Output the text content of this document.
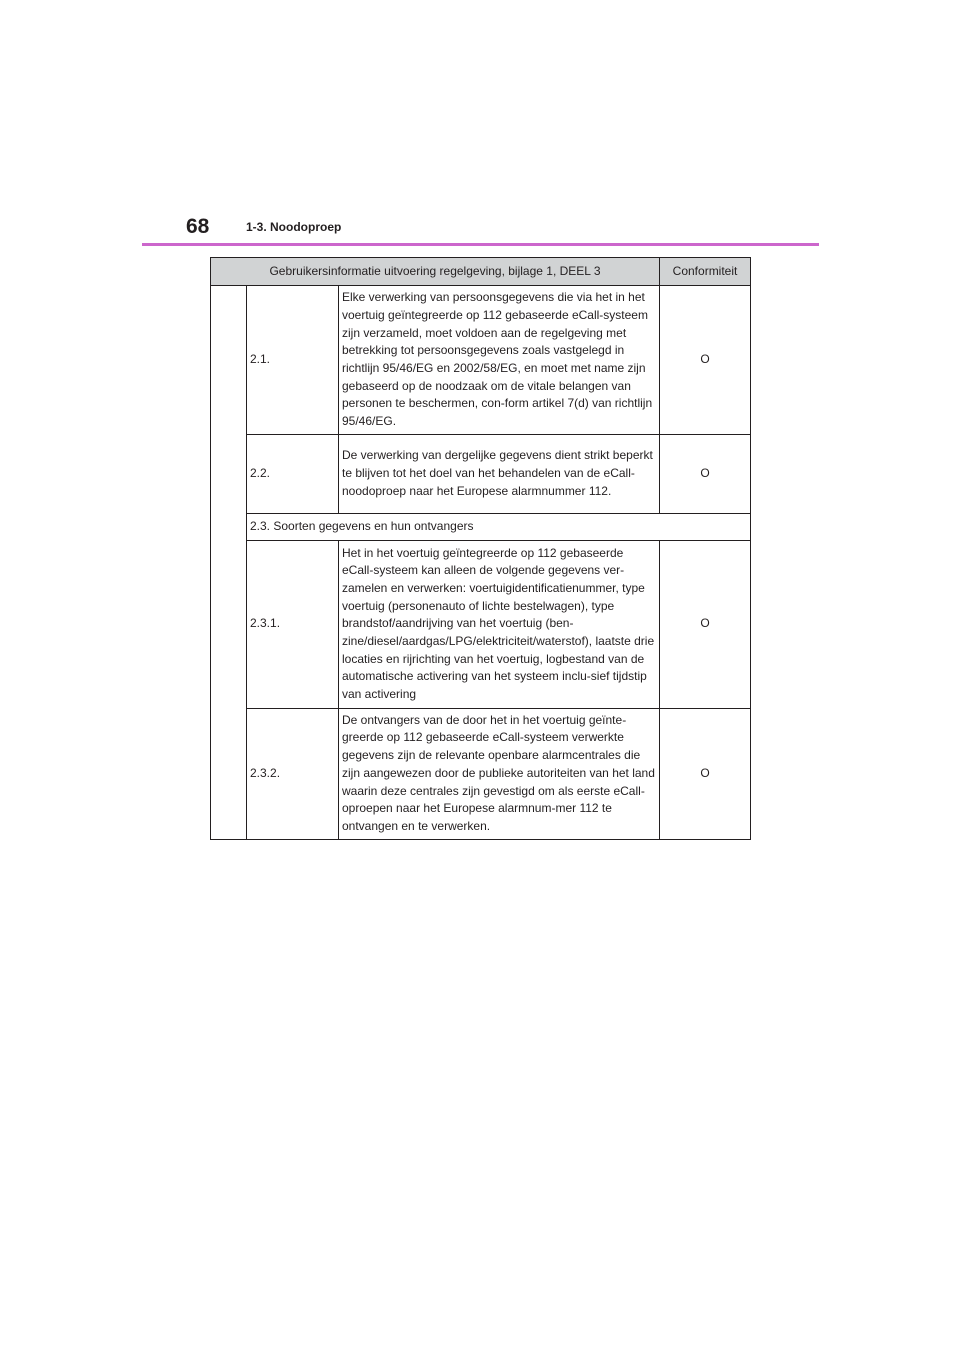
68	1-3. Noodoproep
Gebruikersinformatie uitvoering regelgeving, bijlage 1, DEEL 3			Conformiteit
	2.1.	Elke verwerking van persoonsgegevens die via het in het voertuig geïntegreerde op 112 gebaseerde eCall-systeem zijn verzameld, moet voldoen aan de regelgeving met betrekking tot persoonsgegevens zoals vastgelegd in richtlijn 95/46/EG en 2002/58/EG, en moet met name zijn gebaseerd op de noodzaak om de vitale belangen van personen te beschermen, con-form artikel 7(d) van richtlijn 95/46/EG.	O
	2.2.	De verwerking van dergelijke gegevens dient strikt beperkt te blijven tot het doel van het behandelen van de eCall-noodoproep naar het Europese alarmnummer 112.	O
	2.3. Soorten gegevens en hun ontvangers		
	2.3.1.	Het in het voertuig geïntegreerde op 112 gebaseerde eCall-systeem kan alleen de volgende gegevens ver-zamelen en verwerken: voertuigidentificatienummer, type voertuig (personenauto of lichte bestelwagen), type brandstof/aandrijving van het voertuig (ben-zine/diesel/aardgas/LPG/elektriciteit/waterstof), laatste drie locaties en rijrichting van het voertuig, logbestand van de automatische activering van het systeem inclu-sief tijdstip van activering	O
	2.3.2.	De ontvangers van de door het in het voertuig geïnte-greerde op 112 gebaseerde eCall-systeem verwerkte gegevens zijn de relevante openbare alarmcentrales die zijn aangewezen door de publieke autoriteiten van het land waarin deze centrales zijn gevestigd om als eerste eCall-oproepen naar het Europese alarmnum-mer 112 te ontvangen en te verwerken.	O
